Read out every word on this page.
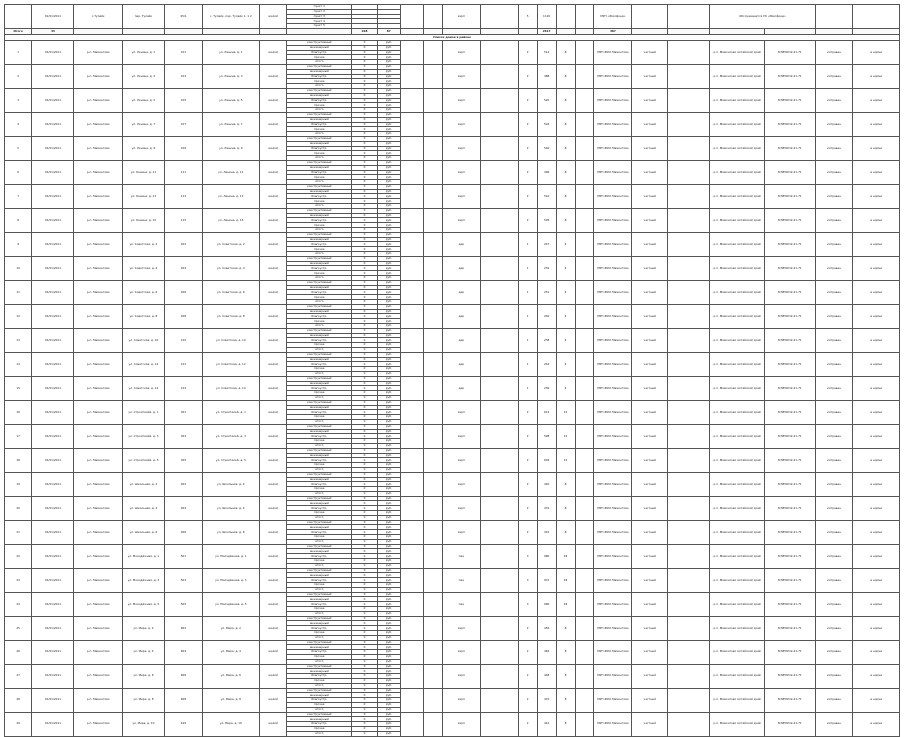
	01/01/2011	с.Тулайк	пер. Тулайк	45/1	с. Тулайк, пер. Тулайк 1, 1 2	жилой	пункт 1					кирп		5	1120			МУП «Жилфонд»			Обслуживается УК «Жилфонд»			
							пункт 2																	
							пункт 3																	
							пункт 4																	
							пункт 5																	
Итого	43							228	87						2617			487						
Список домов в районе																								
1	01/01/2011	р.п. Мамонтово	ул. Ленина, д. 1	101	ул. Ленина, д. 1	жилой	конструктивный	0	руб.			кирп		2	512	8		МУП ЖКХ Мамонтово	частный		р.п. Мамонтово Алтайский край	8(38583)2-21-71	исправен	в норме
							инженерный	0	руб.															
							благоустр.	0	руб.															
							прочее	0	руб.															
							итого	0	руб.															
2	01/01/2011	р.п. Мамонтово	ул. Ленина, д. 3	103	ул. Ленина, д. 3	жилой	конструктивный	0	руб.			кирп		2	488	8		МУП ЖКХ Мамонтово	частный		р.п. Мамонтово Алтайский край	8(38583)2-21-71	исправен	в норме
							инженерный	0	руб.															
							благоустр.	0	руб.															
							прочее	0	руб.															
							итого	0	руб.															
3	01/01/2011	р.п. Мамонтово	ул. Ленина, д. 5	105	ул. Ленина, д. 5	жилой	конструктивный	0	руб.			кирп		2	520	8		МУП ЖКХ Мамонтово	частный		р.п. Мамонтово Алтайский край	8(38583)2-21-71	исправен	в норме
							инженерный	0	руб.															
							благоустр.	0	руб.															
							прочее	0	руб.															
							итого	0	руб.															
4	01/01/2011	р.п. Мамонтово	ул. Ленина, д. 7	107	ул. Ленина, д. 7	жилой	конструктивный	0	руб.			кирп		2	502	8		МУП ЖКХ Мамонтово	частный		р.п. Мамонтово Алтайский край	8(38583)2-21-71	исправен	в норме
							инженерный	0	руб.															
							благоустр.	0	руб.															
							прочее	0	руб.															
							итого	0	руб.															
5	01/01/2011	р.п. Мамонтово	ул. Ленина, д. 9	109	ул. Ленина, д. 9	жилой	конструктивный	0	руб.			кирп		2	540	8		МУП ЖКХ Мамонтово	частный		р.п. Мамонтово Алтайский край	8(38583)2-21-71	исправен	в норме
							инженерный	0	руб.															
							благоустр.	0	руб.															
							прочее	0	руб.															
							итого	0	руб.															
6	01/01/2011	р.п. Мамонтово	ул. Ленина, д. 11	111	ул. Ленина, д. 11	жилой	конструктивный	0	руб.			кирп		2	496	8		МУП ЖКХ Мамонтово	частный		р.п. Мамонтово Алтайский край	8(38583)2-21-71	исправен	в норме
							инженерный	0	руб.															
							благоустр.	0	руб.															
							прочее	0	руб.															
							итого	0	руб.															
7	01/01/2011	р.п. Мамонтово	ул. Ленина, д. 13	113	ул. Ленина, д. 13	жилой	конструктивный	0	руб.			кирп		2	510	8		МУП ЖКХ Мамонтово	частный		р.п. Мамонтово Алтайский край	8(38583)2-21-71	исправен	в норме
							инженерный	0	руб.															
							благоустр.	0	руб.															
							прочее	0	руб.															
							итого	0	руб.															
8	01/01/2011	р.п. Мамонтово	ул. Ленина, д. 15	115	ул. Ленина, д. 15	жилой	конструктивный	0	руб.			кирп		2	505	8		МУП ЖКХ Мамонтово	частный		р.п. Мамонтово Алтайский край	8(38583)2-21-71	исправен	в норме
							инженерный	0	руб.															
							благоустр.	0	руб.															
							прочее	0	руб.															
							итого	0	руб.															
9	01/01/2011	р.п. Мамонтово	ул. Советская, д. 2	202	ул. Советская, д. 2	жилой	конструктивный	0	руб.			дер		1	247	4		МУП ЖКХ Мамонтово	частный		р.п. Мамонтово Алтайский край	8(38583)2-21-71	исправен	в норме
							инженерный	0	руб.															
							благоустр.	0	руб.															
							прочее	0	руб.															
							итого	0	руб.															
10	01/01/2011	р.п. Мамонтово	ул. Советская, д. 4	204	ул. Советская, д. 4	жилой	конструктивный	0	руб.			дер		1	232	4		МУП ЖКХ Мамонтово	частный		р.п. Мамонтово Алтайский край	8(38583)2-21-71	исправен	в норме
							инженерный	0	руб.															
							благоустр.	0	руб.															
							прочее	0	руб.															
							итого	0	руб.															
11	01/01/2011	р.п. Мамонтово	ул. Советская, д. 6	206	ул. Советская, д. 6	жилой	конструктивный	0	руб.			дер		1	251	4		МУП ЖКХ Мамонтово	частный		р.п. Мамонтово Алтайский край	8(38583)2-21-71	исправен	в норме
							инженерный	0	руб.															
							благоустр.	0	руб.															
							прочее	0	руб.															
							итого	0	руб.															
12	01/01/2011	р.п. Мамонтово	ул. Советская, д. 8	208	ул. Советская, д. 8	жилой	конструктивный	0	руб.			дер		1	240	4		МУП ЖКХ Мамонтово	частный		р.п. Мамонтово Алтайский край	8(38583)2-21-71	исправен	в норме
							инженерный	0	руб.															
							благоустр.	0	руб.															
							прочее	0	руб.															
							итого	0	руб.															
13	01/01/2011	р.п. Мамонтово	ул. Советская, д. 10	210	ул. Советская, д. 10	жилой	конструктивный	0	руб.			дер		1	238	4		МУП ЖКХ Мамонтово	частный		р.п. Мамонтово Алтайский край	8(38583)2-21-71	исправен	в норме
							инженерный	0	руб.															
							благоустр.	0	руб.															
							прочее	0	руб.															
							итого	0	руб.															
14	01/01/2011	р.п. Мамонтово	ул. Советская, д. 12	212	ул. Советская, д. 12	жилой	конструктивный	0	руб.			дер		1	244	4		МУП ЖКХ Мамонтово	частный		р.п. Мамонтово Алтайский край	8(38583)2-21-71	исправен	в норме
							инженерный	0	руб.															
							благоустр.	0	руб.															
							прочее	0	руб.															
							итого	0	руб.															
15	01/01/2011	р.п. Мамонтово	ул. Советская, д. 14	214	ул. Советская, д. 14	жилой	конструктивный	0	руб.			дер		1	236	4		МУП ЖКХ Мамонтово	частный		р.п. Мамонтово Алтайский край	8(38583)2-21-71	исправен	в норме
							инженерный	0	руб.															
							благоустр.	0	руб.															
							прочее	0	руб.															
							итого	0	руб.															
16	01/01/2011	р.п. Мамонтово	ул. Строителей, д. 1	301	ул. Строителей, д. 1	жилой	конструктивный	0	руб.			кирп		2	612	12		МУП ЖКХ Мамонтово	частный		р.п. Мамонтово Алтайский край	8(38583)2-21-71	исправен	в норме
							инженерный	0	руб.															
							благоустр.	0	руб.															
							прочее	0	руб.															
							итого	0	руб.															
17	01/01/2011	р.п. Мамонтово	ул. Строителей, д. 3	303	ул. Строителей, д. 3	жилой	конструктивный	0	руб.			кирп		2	598	12		МУП ЖКХ Мамонтово	частный		р.п. Мамонтово Алтайский край	8(38583)2-21-71	исправен	в норме
							инженерный	0	руб.															
							благоустр.	0	руб.															
							прочее	0	руб.															
							итого	0	руб.															
18	01/01/2011	р.п. Мамонтово	ул. Строителей, д. 5	305	ул. Строителей, д. 5	жилой	конструктивный	0	руб.			кирп		2	604	12		МУП ЖКХ Мамонтово	частный		р.п. Мамонтово Алтайский край	8(38583)2-21-71	исправен	в норме
							инженерный	0	руб.															
							благоустр.	0	руб.															
							прочее	0	руб.															
							итого	0	руб.															
19	01/01/2011	р.п. Мамонтово	ул. Школьная, д. 2	402	ул. Школьная, д. 2	жилой	конструктивный	0	руб.			кирп		2	420	8		МУП ЖКХ Мамонтово	частный		р.п. Мамонтово Алтайский край	8(38583)2-21-71	исправен	в норме
							инженерный	0	руб.															
							благоустр.	0	руб.															
							прочее	0	руб.															
							итого	0	руб.															
20	01/01/2011	р.п. Мамонтово	ул. Школьная, д. 4	404	ул. Школьная, д. 4	жилой	конструктивный	0	руб.			кирп		2	431	8		МУП ЖКХ Мамонтово	частный		р.п. Мамонтово Алтайский край	8(38583)2-21-71	исправен	в норме
							инженерный	0	руб.															
							благоустр.	0	руб.															
							прочее	0	руб.															
							итого	0	руб.															
21	01/01/2011	р.п. Мамонтово	ул. Школьная, д. 6	406	ул. Школьная, д. 6	жилой	конструктивный	0	руб.			кирп		2	415	8		МУП ЖКХ Мамонтово	частный		р.п. Мамонтово Алтайский край	8(38583)2-21-71	исправен	в норме
							инженерный	0	руб.															
							благоустр.	0	руб.															
							прочее	0	руб.															
							итого	0	руб.															
22	01/01/2011	р.п. Мамонтово	ул. Молодёжная, д. 1	501	ул. Молодёжная, д. 1	жилой	конструктивный	0	руб.			пан		3	980	18		МУП ЖКХ Мамонтово	частный		р.п. Мамонтово Алтайский край	8(38583)2-21-71	исправен	в норме
							инженерный	0	руб.															
							благоустр.	0	руб.															
							прочее	0	руб.															
							итого	0	руб.															
23	01/01/2011	р.п. Мамонтово	ул. Молодёжная, д. 3	503	ул. Молодёжная, д. 3	жилой	конструктивный	0	руб.			пан		3	972	18		МУП ЖКХ Мамонтово	частный		р.п. Мамонтово Алтайский край	8(38583)2-21-71	исправен	в норме
							инженерный	0	руб.															
							благоустр.	0	руб.															
							прочее	0	руб.															
							итого	0	руб.															
24	01/01/2011	р.п. Мамонтово	ул. Молодёжная, д. 5	505	ул. Молодёжная, д. 5	жилой	конструктивный	0	руб.			пан		3	990	18		МУП ЖКХ Мамонтово	частный		р.п. Мамонтово Алтайский край	8(38583)2-21-71	исправен	в норме
							инженерный	0	руб.															
							благоустр.	0	руб.															
							прочее	0	руб.															
							итого	0	руб.															
25	01/01/2011	р.п. Мамонтово	ул. Мира, д. 2	602	ул. Мира, д. 2	жилой	конструктивный	0	руб.			кирп		2	455	8		МУП ЖКХ Мамонтово	частный		р.п. Мамонтово Алтайский край	8(38583)2-21-71	исправен	в норме
							инженерный	0	руб.															
							благоустр.	0	руб.															
							прочее	0	руб.															
							итого	0	руб.															
26	01/01/2011	р.п. Мамонтово	ул. Мира, д. 4	604	ул. Мира, д. 4	жилой	конструктивный	0	руб.			кирп		2	462	8		МУП ЖКХ Мамонтово	частный		р.п. Мамонтово Алтайский край	8(38583)2-21-71	исправен	в норме
							инженерный	0	руб.															
							благоустр.	0	руб.															
							прочее	0	руб.															
							итого	0	руб.															
27	01/01/2011	р.п. Мамонтово	ул. Мира, д. 6	606	ул. Мира, д. 6	жилой	конструктивный	0	руб.			кирп		2	448	8		МУП ЖКХ Мамонтово	частный		р.п. Мамонтово Алтайский край	8(38583)2-21-71	исправен	в норме
							инженерный	0	руб.															
							благоустр.	0	руб.															
							прочее	0	руб.															
							итого	0	руб.															
28	01/01/2011	р.п. Мамонтово	ул. Мира, д. 8	608	ул. Мира, д. 8	жилой	конструктивный	0	руб.			кирп		2	470	8		МУП ЖКХ Мамонтово	частный		р.п. Мамонтово Алтайский край	8(38583)2-21-71	исправен	в норме
							инженерный	0	руб.															
							благоустр.	0	руб.															
							прочее	0	руб.															
							итого	0	руб.															
29	01/01/2011	р.п. Мамонтово	ул. Мира, д. 10	610	ул. Мира, д. 10	жилой	конструктивный	0	руб.			кирп		2	441	8		МУП ЖКХ Мамонтово	частный		р.п. Мамонтово Алтайский край	8(38583)2-21-71	исправен	в норме
							инженерный	0	руб.															
							благоустр.	0	руб.															
							прочее	0	руб.															
							итого	0	руб.															
